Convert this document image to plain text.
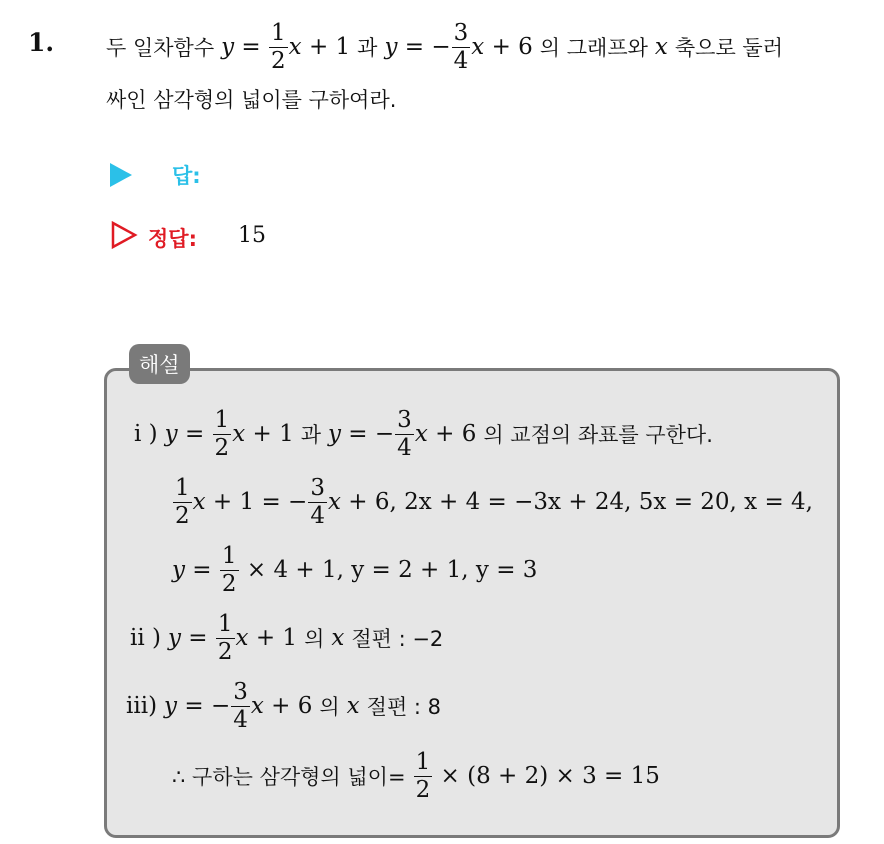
1. 두 일차함수 $y = \frac{1}{2}$ x + 1 과 y = − $\frac{3}{4}$ x + 6 의 그래프와 x 축으로 둘러
싸인 삼각형의 넓이를 구하여라.
답:
정답: 15
해설
i ) $y = \frac{1}{2}$ x + 1 과 y = − $\frac{3}{4}$ x + 6 의 교점의 좌표를 구한다.
$\frac{1}{2}$ x + 1 = − $\frac{3}{4}$ x
+ 6, 2x + 4 = −3x + 24, 5x = 20, x = 4,
$y = \frac{1}{2}$
× 4 + 1, y = 2 + 1, y = 3
ii ) $y = \frac{1}{2}$ x + 1 의 x 절편 : −2
iii) y = − $\frac{3}{4}$ x + 6 의 x 절편 : 8
∴ 구하는 삼각형의 넓이= $\frac{1}{2}$
× (8 + 2) × 3 = 15
